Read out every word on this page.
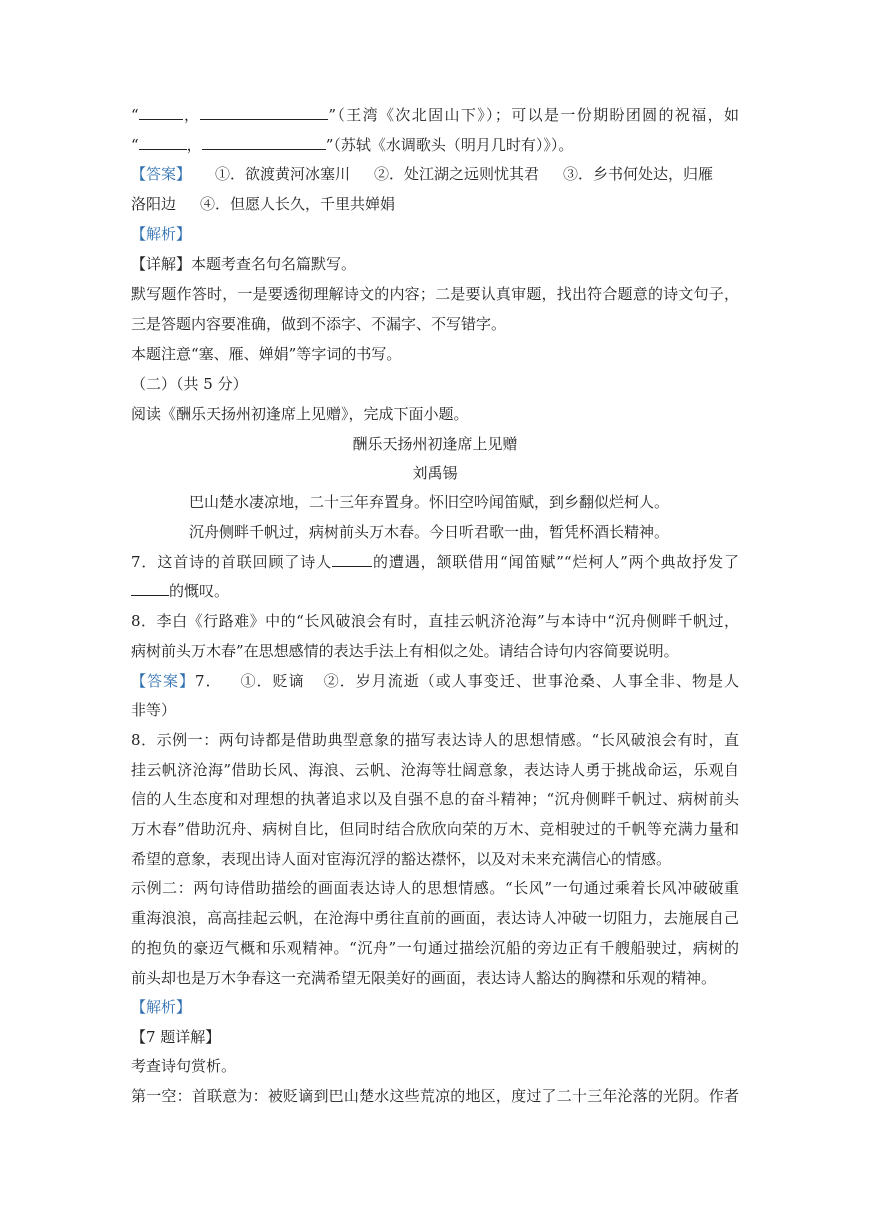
“	，	”（王湾《次北固山下》）；可以是一份期盼团圆的祝福，如
“	，	”（苏轼《水调歌头（明月几时有）》）。
【答案】 ①．欲渡黄河冰塞川 ②．处江湖之远则忧其君 ③．乡书何处达，归雁
洛阳边 ④．但愿人长久，千里共婵娟
【解析】
【详解】本题考查名句名篇默写。
默写题作答时，一是要透彻理解诗文的内容；二是要认真审题，找出符合题意的诗文句子，
三是答题内容要准确，做到不添字、不漏字、不写错字。
本题注意“塞、雁、婵娟”等字词的书写。
（二）（共 5 分）
阅读《酬乐天扬州初逢席上见赠》，完成下面小题。
酬乐天扬州初逢席上见赠
刘禹锡
巴山楚水凄凉地，二十三年弃置身。怀旧空吟闻笛赋，到乡翻似烂柯人。
沉舟侧畔千帆过，病树前头万木春。今日听君歌一曲，暂凭杯酒长精神。
7．这首诗的首联回顾了诗人	的遭遇，颔联借用“闻笛赋”“烂柯人”两个典故抒发了
的慨叹。
8．李白《行路难》中的“长风破浪会有时，直挂云帆济沧海”与本诗中“沉舟侧畔千帆过，
病树前头万木春”在思想感情的表达手法上有相似之处。请结合诗句内容简要说明。
【答案】7． ①．贬谪 ②．岁月流逝（或人事变迁、世事沧桑、人事全非、物是人
非等）
8．示例一：两句诗都是借助典型意象的描写表达诗人的思想情感。“长风破浪会有时，直
挂云帆济沧海”借助长风、海浪、云帆、沧海等壮阔意象，表达诗人勇于挑战命运，乐观自
信的人生态度和对理想的执著追求以及自强不息的奋斗精神；“沉舟侧畔千帆过、病树前头
万木春”借助沉舟、病树自比，但同时结合欣欣向荣的万木、竞相驶过的千帆等充满力量和
希望的意象，表现出诗人面对宦海沉浮的豁达襟怀，以及对未来充满信心的情感。
示例二：两句诗借助描绘的画面表达诗人的思想情感。“长风”一句通过乘着长风冲破破重
重海浪浪，高高挂起云帆，在沧海中勇往直前的画面，表达诗人冲破一切阻力，去施展自己
的抱负的豪迈气概和乐观精神。“沉舟”一句通过描绘沉船的旁边正有千艘船驶过，病树的
前头却也是万木争春这一充满希望无限美好的画面，表达诗人豁达的胸襟和乐观的精神。
【解析】
【7 题详解】
考查诗句赏析。
第一空：首联意为：被贬谪到巴山楚水这些荒凉的地区，度过了二十三年沦落的光阴。作者
